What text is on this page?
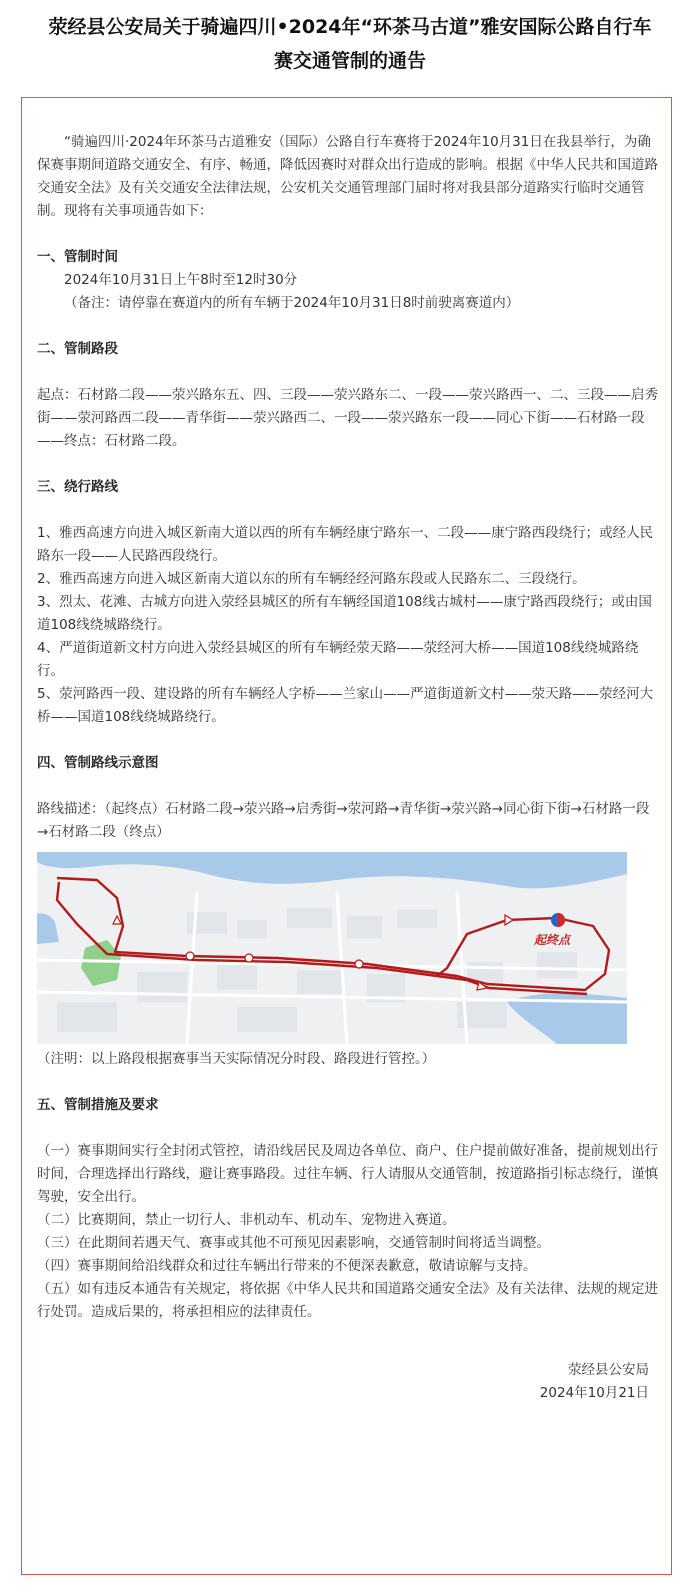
荥经县公安局关于骑遍四川•2024年“环茶马古道”雅安国际公路自行车
赛交通管制的通告

“骑遍四川·2024年环茶马古道雅安（国际）公路自行车赛将于2024年10月31日在我县举行，为确保赛事期间道路交通安全、有序、畅通，降低因赛时对群众出行造成的影响。根据《中华人民共和国道路交通安全法》及有关交通安全法律法规，公安机关交通管理部门届时将对我县部分道路实行临时交通管制。现将有关事项通告如下：

一、管制时间

2024年10月31日上午8时至12时30分

（备注：请停靠在赛道内的所有车辆于2024年10月31日8时前驶离赛道内）

二、管制路段

起点：石材路二段——荥兴路东五、四、三段——荥兴路东二、一段——荥兴路西一、二、三段——启秀街——荥河路西二段——青华街——荥兴路西二、一段——荥兴路东一段——同心下街——石材路一段——终点：石材路二段。

三、绕行路线

1、雅西高速方向进入城区新南大道以西的所有车辆经康宁路东一、二段——康宁路西段绕行；或经人民路东一段——人民路西段绕行。

2、雅西高速方向进入城区新南大道以东的所有车辆经经河路东段或人民路东二、三段绕行。

3、烈太、花滩、古城方向进入荥经县城区的所有车辆经国道108线古城村——康宁路西段绕行；或由国道108线绕城路绕行。

4、严道街道新文村方向进入荥经县城区的所有车辆经荥天路——荥经河大桥——国道108线绕城路绕行。

5、荥河路西一段、建设路的所有车辆经人字桥——兰家山——严道街道新文村——荥天路——荥经河大桥——国道108线绕城路绕行。

四、管制路线示意图

路线描述：（起终点）石材路二段→荥兴路→启秀街→荥河路→青华街→荥兴路→同心街下街→石材路一段→石材路二段（终点）

起终点

（注明：以上路段根据赛事当天实际情况分时段、路段进行管控。）

五、管制措施及要求

（一）赛事期间实行全封闭式管控，请沿线居民及周边各单位、商户、住户提前做好准备，提前规划出行时间，合理选择出行路线，避让赛事路段。过往车辆、行人请服从交通管制，按道路指引标志绕行，谨慎驾驶，安全出行。

（二）比赛期间，禁止一切行人、非机动车、机动车、宠物进入赛道。

（三）在此期间若遇天气、赛事或其他不可预见因素影响，交通管制时间将适当调整。

（四）赛事期间给沿线群众和过往车辆出行带来的不便深表歉意，敬请谅解与支持。

（五）如有违反本通告有关规定，将依据《中华人民共和国道路交通安全法》及有关法律、法规的规定进行处罚。造成后果的，将承担相应的法律责任。

荥经县公安局

2024年10月21日
